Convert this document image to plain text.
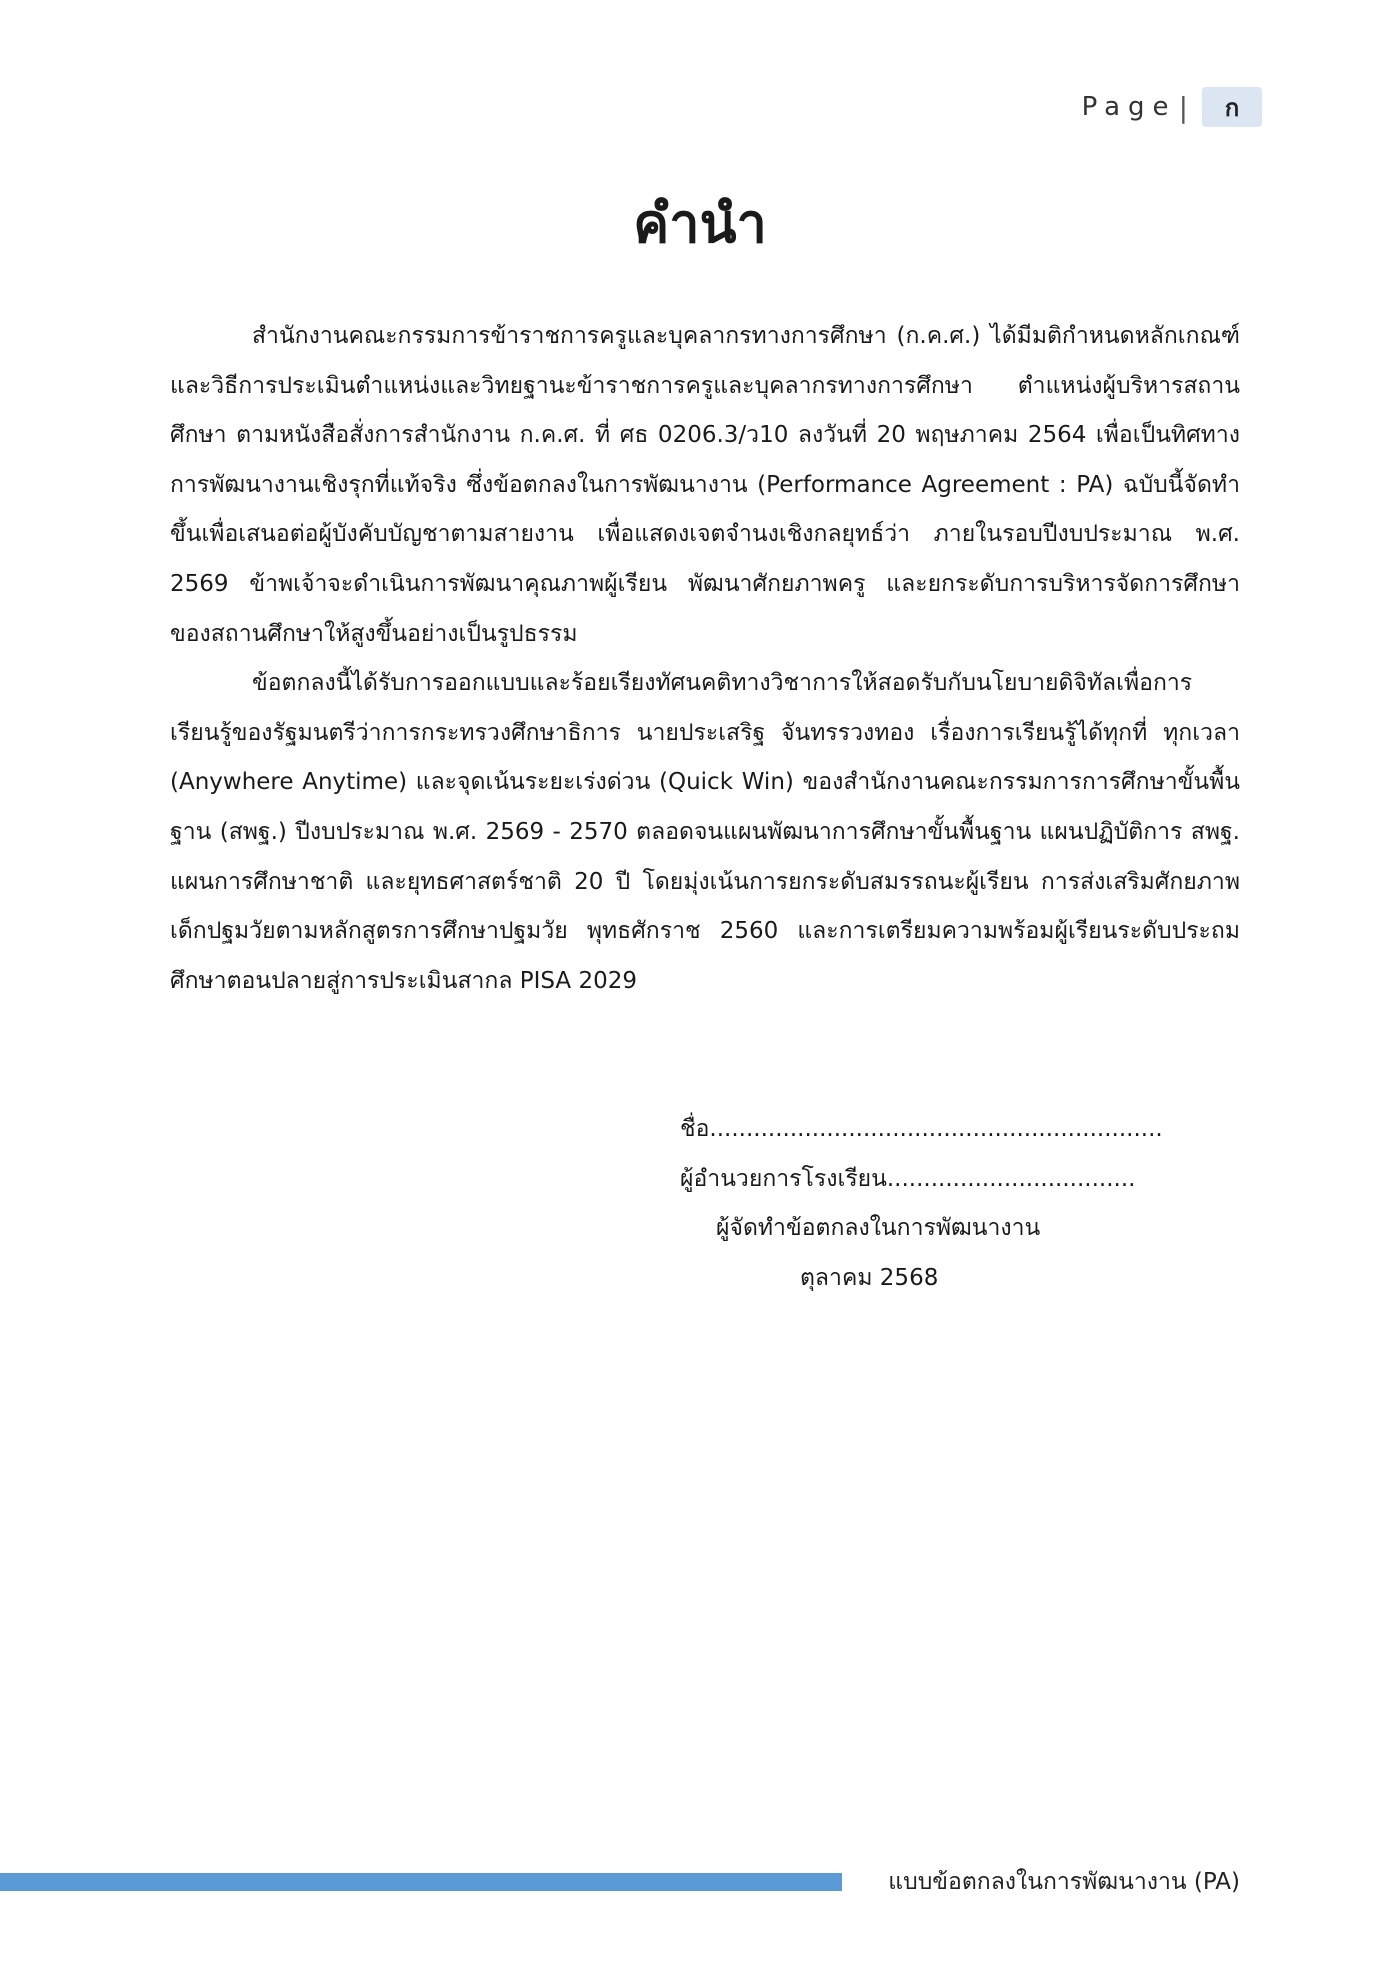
Page |	ก
คำนำ

สำนักงานคณะกรรมการข้าราชการครูและบุคลากรทางการศึกษา (ก.ค.ศ.) ได้มีมติกำหนดหลักเกณฑ์และวิธีการประเมินตำแหน่งและวิทยฐานะข้าราชการครูและบุคลากรทางการศึกษา ตำแหน่งผู้บริหารสถานศึกษา ตามหนังสือสั่งการสำนักงาน ก.ค.ศ. ที่ ศธ 0206.3/ว10 ลงวันที่ 20 พฤษภาคม 2564 เพื่อเป็นทิศทางการพัฒนางานเชิงรุกที่แท้จริง ซึ่งข้อตกลงในการพัฒนางาน (Performance Agreement : PA) ฉบับนี้จัดทำขึ้นเพื่อเสนอต่อผู้บังคับบัญชาตามสายงาน เพื่อแสดงเจตจำนงเชิงกลยุทธ์ว่า ภายในรอบปีงบประมาณ พ.ศ. 2569 ข้าพเจ้าจะดำเนินการพัฒนาคุณภาพผู้เรียน พัฒนาศักยภาพครู และยกระดับการบริหารจัดการศึกษาของสถานศึกษาให้สูงขึ้นอย่างเป็นรูปธรรม

ข้อตกลงนี้ได้รับการออกแบบและร้อยเรียงทัศนคติทางวิชาการให้สอดรับกับนโยบายดิจิทัลเพื่อการเรียนรู้ของรัฐมนตรีว่าการกระทรวงศึกษาธิการ นายประเสริฐ จันทรรวงทอง เรื่องการเรียนรู้ได้ทุกที่ ทุกเวลา (Anywhere Anytime) และจุดเน้นระยะเร่งด่วน (Quick Win) ของสำนักงานคณะกรรมการการศึกษาขั้นพื้นฐาน (สพฐ.) ปีงบประมาณ พ.ศ. 2569 - 2570 ตลอดจนแผนพัฒนาการศึกษาขั้นพื้นฐาน แผนปฏิบัติการ สพฐ. แผนการศึกษาชาติ และยุทธศาสตร์ชาติ 20 ปี โดยมุ่งเน้นการยกระดับสมรรถนะผู้เรียน การส่งเสริมศักยภาพเด็กปฐมวัยตามหลักสูตรการศึกษาปฐมวัย พุทธศักราช 2560 และการเตรียมความพร้อมผู้เรียนระดับประถมศึกษาตอนปลายสู่การประเมินสากล PISA 2029

ชื่อ..............................................................
ผู้อำนวยการโรงเรียน..................................
ผู้จัดทำข้อตกลงในการพัฒนางาน
ตุลาคม 2568
แบบข้อตกลงในการพัฒนางาน (PA)
